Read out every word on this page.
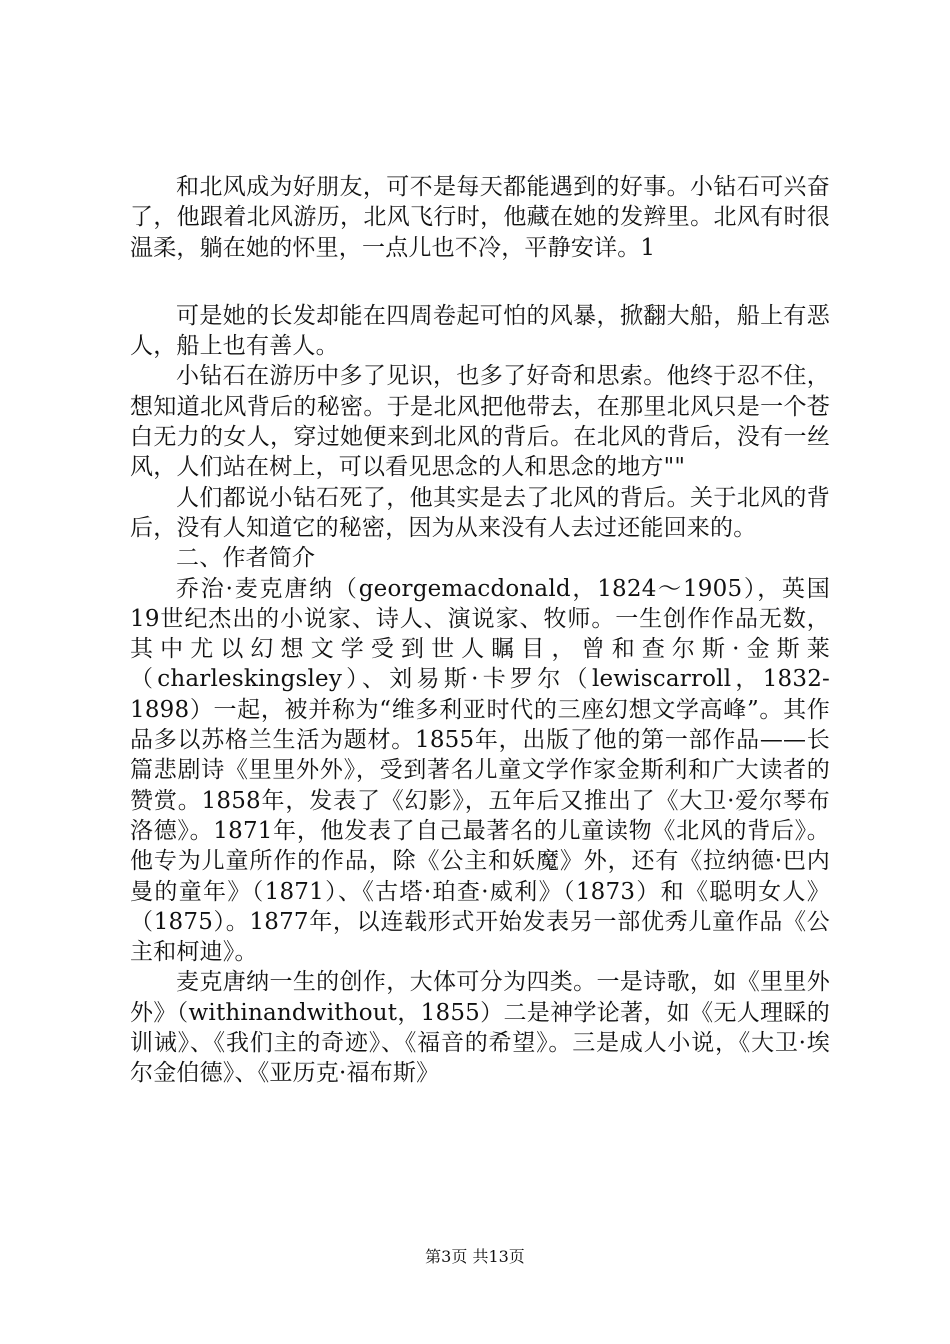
和北风成为好朋友，可不是每天都能遇到的好事。小钻石可兴奋了，他跟着北风游历，北风飞行时，他藏在她的发辫里。北风有时很温柔，躺在她的怀里，一点儿也不冷，平静安详。1

可是她的长发却能在四周卷起可怕的风暴，掀翻大船，船上有恶人，船上也有善人。

小钻石在游历中多了见识，也多了好奇和思索。他终于忍不住，想知道北风背后的秘密。于是北风把他带去，在那里北风只是一个苍白无力的女人，穿过她便来到北风的背后。在北风的背后，没有一丝风，人们站在树上，可以看见思念的人和思念的地方""

人们都说小钻石死了，他其实是去了北风的背后。关于北风的背后，没有人知道它的秘密，因为从来没有人去过还能回来的。

二、作者简介

乔治·麦克唐纳（georgemacdonald，1824～1905），英国19世纪杰出的小说家、诗人、演说家、牧师。一生创作作品无数，其中尤以幻想文学受到世人瞩目，曾和查尔斯·金斯莱（charleskingsley）、刘易斯·卡罗尔（lewiscarroll，1832-1898）一起，被并称为“维多利亚时代的三座幻想文学高峰”。其作品多以苏格兰生活为题材。1855年，出版了他的第一部作品——长篇悲剧诗《里里外外》，受到著名儿童文学作家金斯利和广大读者的赞赏。1858年，发表了《幻影》，五年后又推出了《大卫·爱尔琴布洛德》。1871年，他发表了自己最著名的儿童读物《北风的背后》。他专为儿童所作的作品，除《公主和妖魔》外，还有《拉纳德·巴内曼的童年》（1871）、《古塔·珀查·威利》（1873）和《聪明女人》（1875）。1877年，以连载形式开始发表另一部优秀儿童作品《公主和柯迪》。

麦克唐纳一生的创作，大体可分为四类。一是诗歌，如《里里外外》（withinandwithout，1855）二是神学论著，如《无人理睬的训诫》、《我们主的奇迹》、《福音的希望》。三是成人小说，《大卫·埃尔金伯德》、《亚历克·福布斯》

第3页 共13页
